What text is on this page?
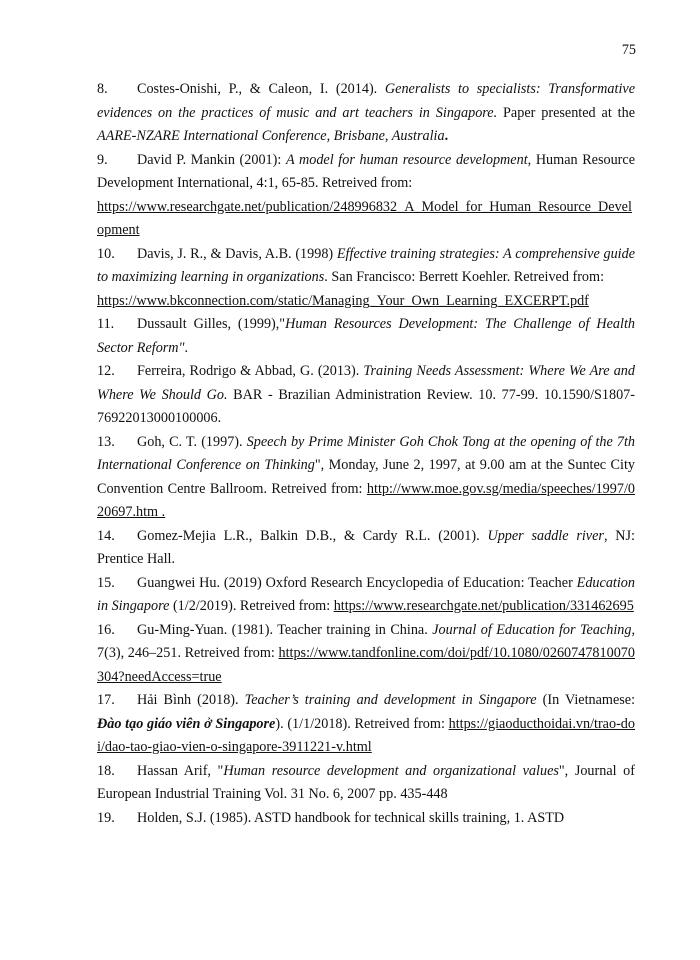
75
8. Costes-Onishi, P., & Caleon, I. (2014). Generalists to specialists: Transformative evidences on the practices of music and art teachers in Singapore. Paper presented at the AARE-NZARE International Conference, Brisbane, Australia.
9. David P. Mankin (2001): A model for human resource development, Human Resource Development International, 4:1, 65-85. Retreived from:
https://www.researchgate.net/publication/248996832_A_Model_for_Human_Resource_Development
10. Davis, J. R., & Davis, A.B. (1998) Effective training strategies: A comprehensive guide to maximizing learning in organizations. San Francisco: Berrett Koehler. Retreived from:
https://www.bkconnection.com/static/Managing_Your_Own_Learning_EXCERPT.pdf
11. Dussault Gilles, (1999),"Human Resources Development: The Challenge of Health Sector Reform".
12. Ferreira, Rodrigo & Abbad, G. (2013). Training Needs Assessment: Where We Are and Where We Should Go. BAR - Brazilian Administration Review. 10. 77-99. 10.1590/S1807-76922013000100006.
13. Goh, C. T. (1997). Speech by Prime Minister Goh Chok Tong at the opening of the 7th International Conference on Thinking", Monday, June 2, 1997, at 9.00 am at the Suntec City Convention Centre Ballroom. Retreived from: http://www.moe.gov.sg/media/speeches/1997/020697.htm .
14. Gomez-Mejia L.R., Balkin D.B., & Cardy R.L. (2001). Upper saddle river, NJ: Prentice Hall.
15. Guangwei Hu. (2019) Oxford Research Encyclopedia of Education: Teacher Education in Singapore (1/2/2019). Retreived from: https://www.researchgate.net/publication/331462695
16. Gu-Ming-Yuan. (1981). Teacher training in China. Journal of Education for Teaching, 7(3), 246–251. Retreived from: https://www.tandfonline.com/doi/pdf/10.1080/0260747810070304?needAccess=true
17. Hải Bình (2018). Teacher’s training and development in Singapore (In Vietnamese: Đào tạo giáo viên ở Singapore). (1/1/2018). Retreived from: https://giaoducthoidai.vn/trao-doi/dao-tao-giao-vien-o-singapore-3911221-v.html
18. Hassan Arif, "Human resource development and organizational values", Journal of European Industrial Training Vol. 31 No. 6, 2007 pp. 435-448
19. Holden, S.J. (1985). ASTD handbook for technical skills training, 1. ASTD
